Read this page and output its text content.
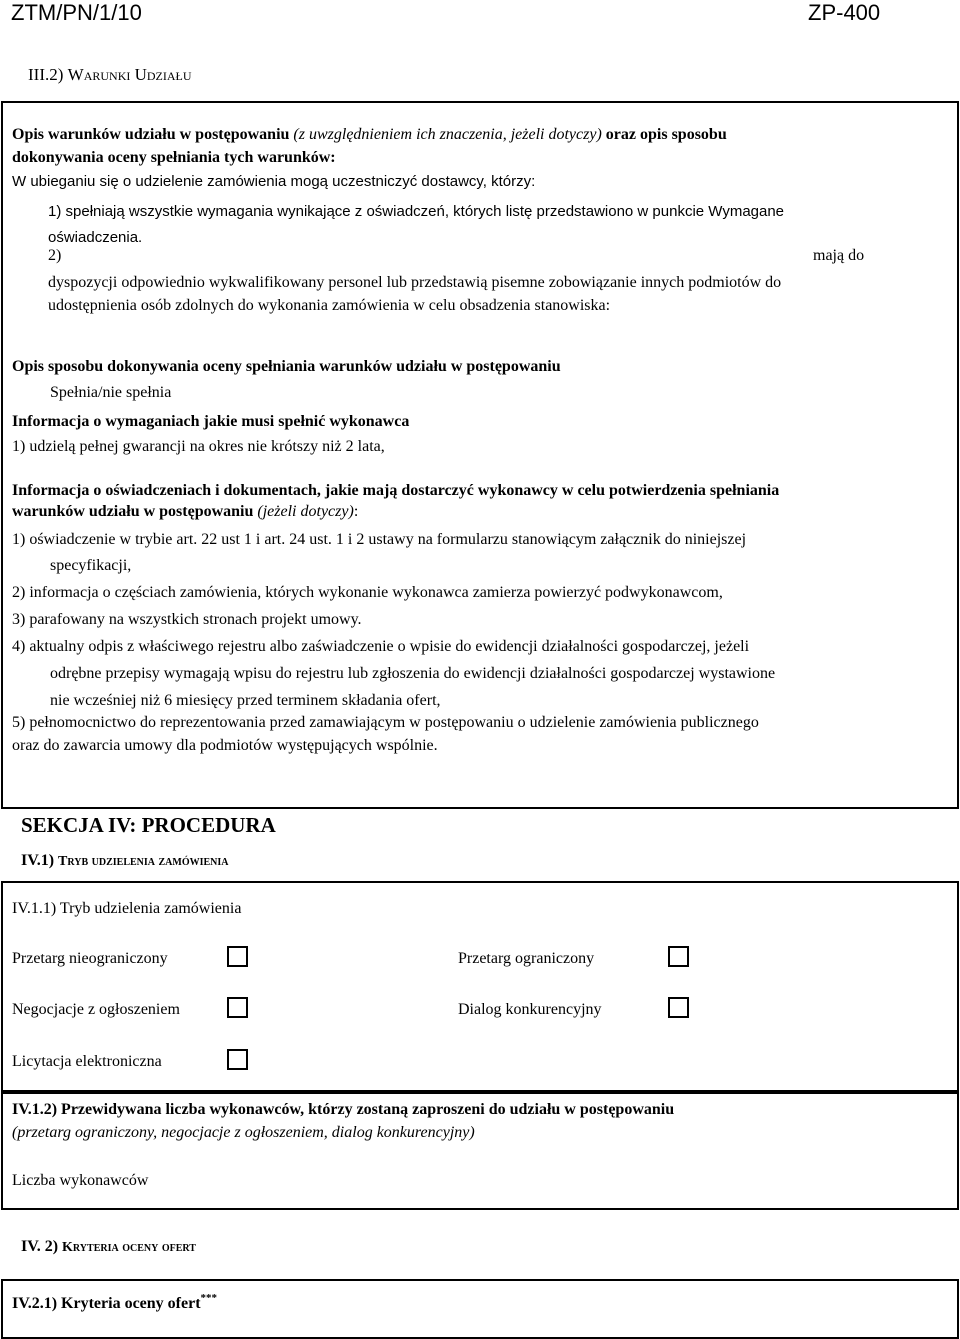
ZTM/PN/1/10	ZP-400
III.2) Warunki Udziału
Opis warunków udziału w postępowaniu (z uwzględnieniem ich znaczenia, jeżeli dotyczy) oraz opis sposobu
dokonywania oceny spełniania tych warunków:
W ubieganiu się o udzielenie zamówienia mogą uczestniczyć dostawcy, którzy:
1) spełniają wszystkie wymagania wynikające z oświadczeń, których listę przedstawiono w punkcie Wymagane
oświadczenia.
2)	mają do
dyspozycji odpowiednio wykwalifikowany personel lub przedstawią pisemne zobowiązanie innych podmiotów do
udostępnienia osób zdolnych do wykonania zamówienia w celu obsadzenia stanowiska:
Opis sposobu dokonywania oceny spełniania warunków udziału w postępowaniu
Spełnia/nie spełnia
Informacja o wymaganiach jakie musi spełnić wykonawca
1) udzielą pełnej gwarancji na okres nie krótszy niż 2 lata,
Informacja o oświadczeniach i dokumentach, jakie mają dostarczyć wykonawcy w celu potwierdzenia spełniania
warunków udziału w postępowaniu (jeżeli dotyczy):
1) oświadczenie w trybie art. 22 ust 1 i art. 24 ust. 1 i 2 ustawy na formularzu stanowiącym załącznik do niniejszej
specyfikacji,
2) informacja o częściach zamówienia, których wykonanie wykonawca zamierza powierzyć podwykonawcom,
3) parafowany na wszystkich stronach projekt umowy.
4) aktualny odpis z właściwego rejestru albo zaświadczenie o wpisie do ewidencji działalności gospodarczej, jeżeli
odrębne przepisy wymagają wpisu do rejestru lub zgłoszenia do ewidencji działalności gospodarczej wystawione
nie wcześniej niż 6 miesięcy przed terminem składania ofert,
5) pełnomocnictwo do reprezentowania przed zamawiającym w postępowaniu o udzielenie zamówienia publicznego
oraz do zawarcia umowy dla podmiotów występujących wspólnie.
SEKCJA IV: PROCEDURA
IV.1) Tryb udzielenia zamówienia
IV.1.1) Tryb udzielenia zamówienia
Przetarg nieograniczony	Przetarg ograniczony
Negocjacje z ogłoszeniem	Dialog konkurencyjny
Licytacja elektroniczna
IV.1.2) Przewidywana liczba wykonawców, którzy zostaną zaproszeni do udziału w postępowaniu
(przetarg ograniczony, negocjacje z ogłoszeniem, dialog konkurencyjny)
Liczba wykonawców
IV. 2) Kryteria oceny ofert
IV.2.1) Kryteria oceny ofert***
